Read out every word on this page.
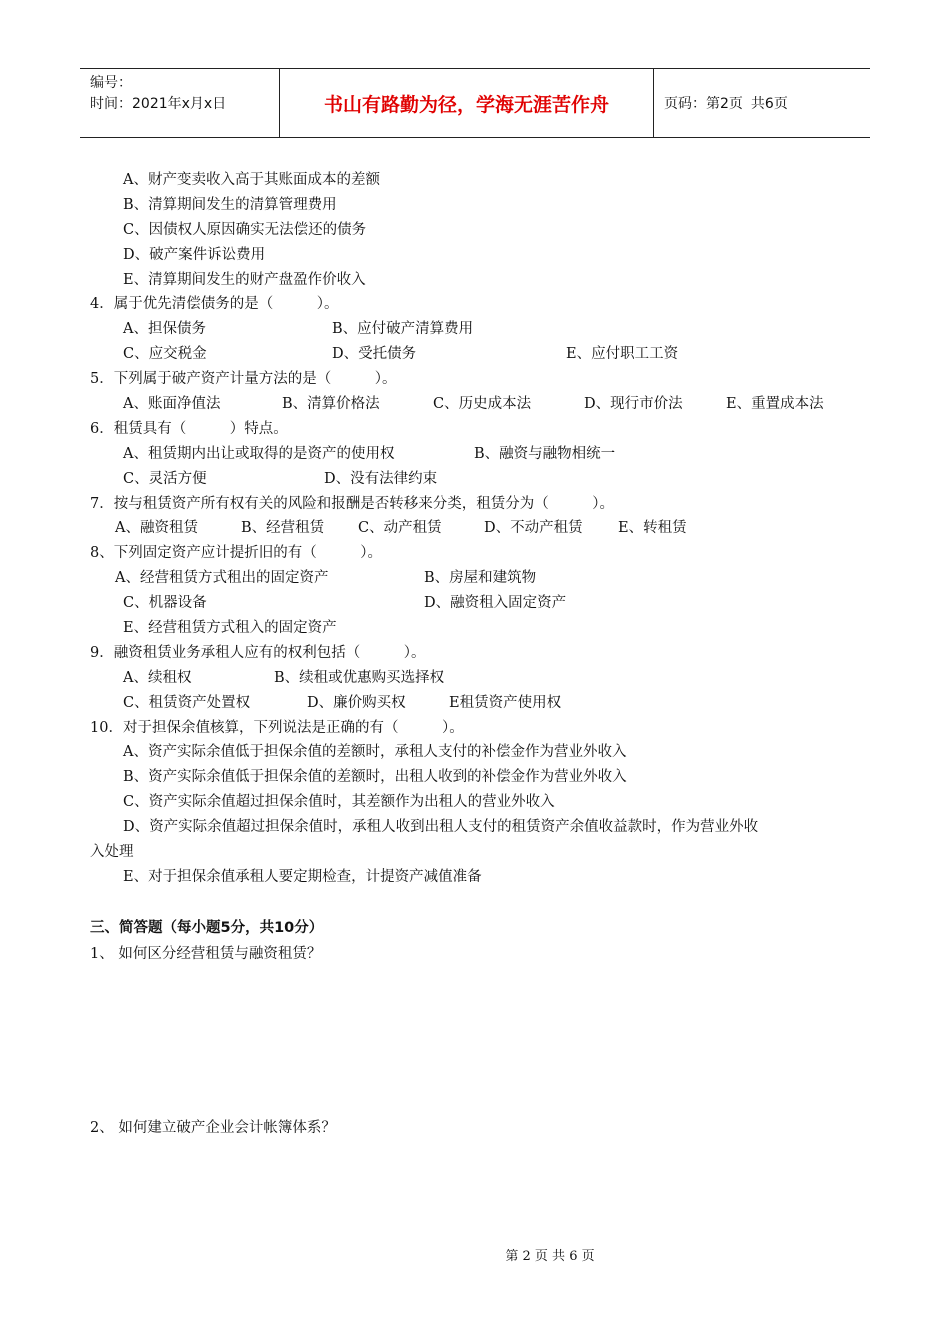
编号：
时间：2021年x月x日	书山有路勤为径，学海无涯苦作舟	页码：第2页 共6页
A、财产变卖收入高于其账面成本的差额
B、清算期间发生的清算管理费用
C、因债权人原因确实无法偿还的债务
D、破产案件诉讼费用
E、清算期间发生的财产盘盈作价收入
4．属于优先清偿债务的是（　　　）。
A、担保债务	B、应付破产清算费用
C、应交税金	D、受托债务	E、应付职工工资
5．下列属于破产资产计量方法的是（　　　）。
A、账面净值法	B、清算价格法	C、历史成本法	D、现行市价法	E、重置成本法
6．租赁具有（　　　）特点。
A、租赁期内出让或取得的是资产的使用权	B、融资与融物相统一
C、灵活方便	D、没有法律约束
7．按与租赁资产所有权有关的风险和报酬是否转移来分类，租赁分为（　　　）。
A、融资租赁	B、经营租赁 C、动产租赁	D、不动产租赁 E、转租赁
8、下列固定资产应计提折旧的有（　　　）。
A、经营租赁方式租出的固定资产	B、房屋和建筑物
C、机器设备	D、融资租入固定资产
E、经营租赁方式租入的固定资产
9．融资租赁业务承租人应有的权利包括（　　　）。
A、续租权	B、续租或优惠购买选择权
C、租赁资产处置权	D、廉价购买权	E租赁资产使用权
10．对于担保余值核算，下列说法是正确的有（　　　）。
A、资产实际余值低于担保余值的差额时，承租人支付的补偿金作为营业外收入
B、资产实际余值低于担保余值的差额时，出租人收到的补偿金作为营业外收入
C、资产实际余值超过担保余值时，其差额作为出租人的营业外收入
D、资产实际余值超过担保余值时，承租人收到出租人支付的租赁资产余值收益款时，作为营业外收
入处理
E、对于担保余值承租人要定期检查，计提资产减值准备
三、简答题（每小题5分，共10分）
1、 如何区分经营租赁与融资租赁？
2、 如何建立破产企业会计帐簿体系？
第 2 页 共 6 页
